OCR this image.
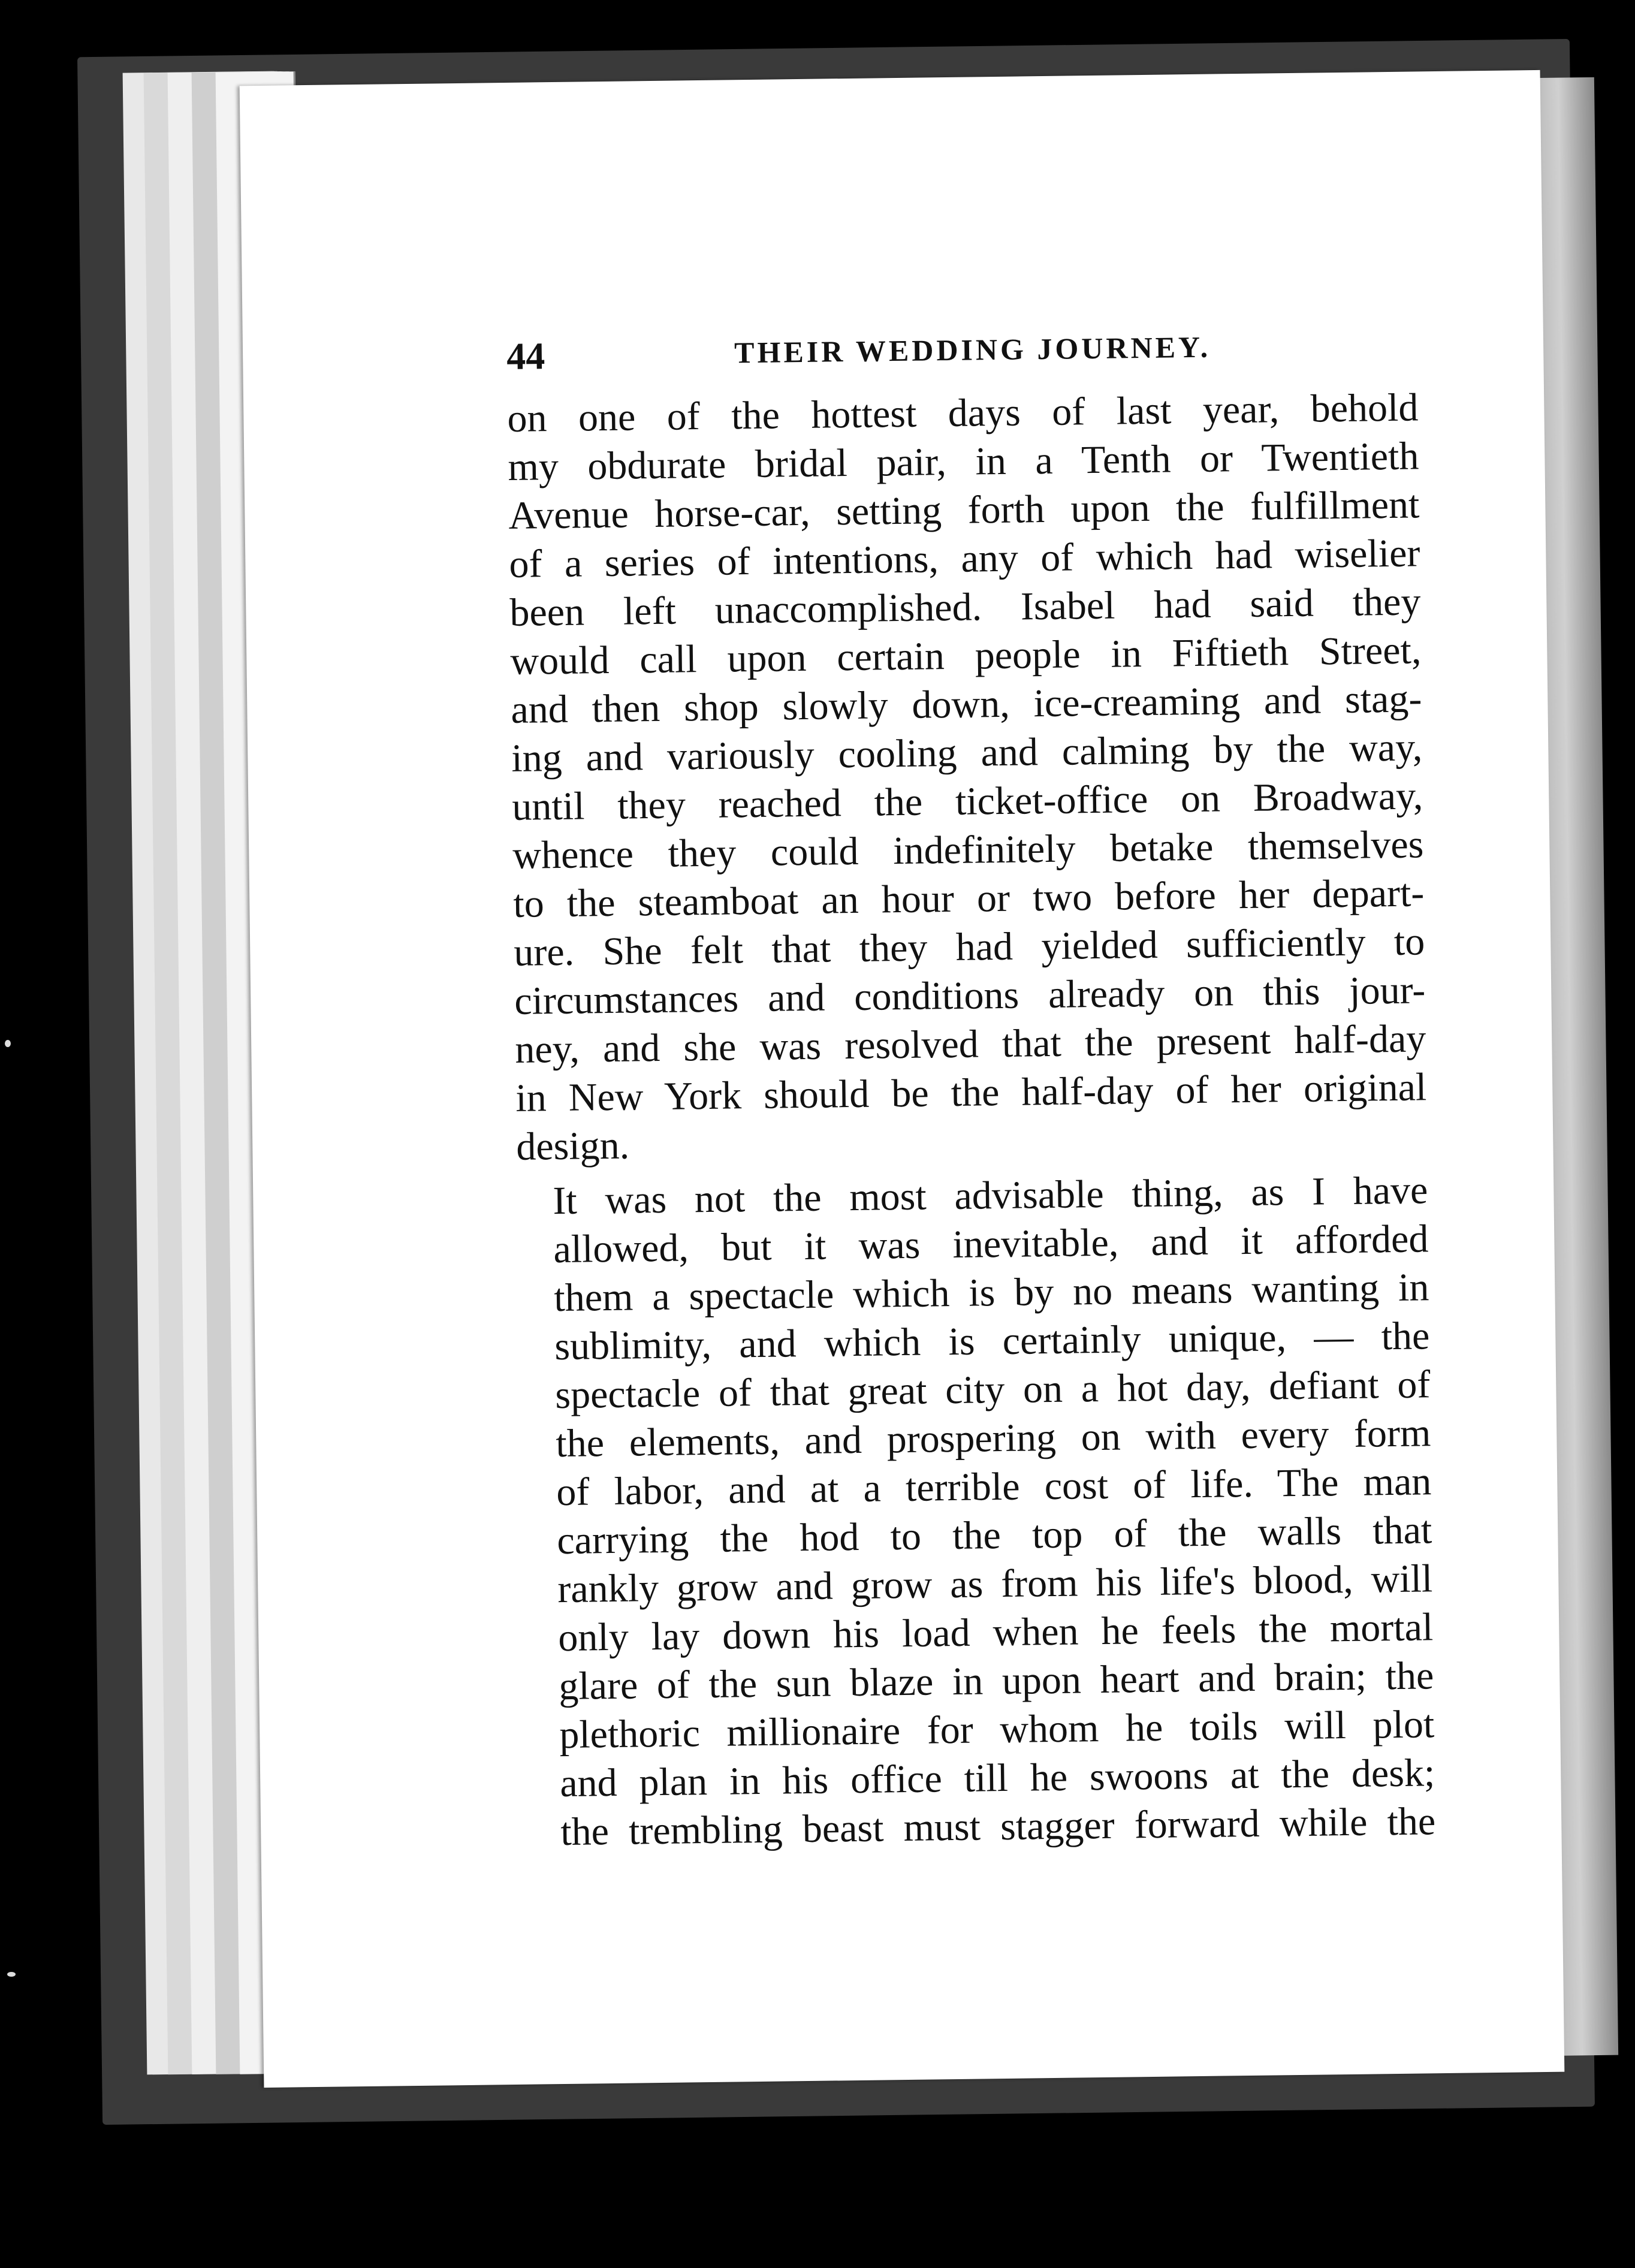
44	THEIR WEDDING JOURNEY.

on one of the hottest days of last year, behold
my obdurate bridal pair, in a Tenth or Twentieth
Avenue horse-car, setting forth upon the fulfillment
of a series of intentions, any of which had wiselier
been left unaccomplished. Isabel had said they
would call upon certain people in Fiftieth Street,
and then shop slowly down, ice-creaming and stag-
ing and variously cooling and calming by the way,
until they reached the ticket-office on Broadway,
whence they could indefinitely betake themselves
to the steamboat an hour or two before her depart-
ure. She felt that they had yielded sufficiently to
circumstances and conditions already on this jour-
ney, and she was resolved that the present half-day
in New York should be the half-day of her original
design.

It was not the most advisable thing, as I have
allowed, but it was inevitable, and it afforded
them a spectacle which is by no means wanting in
sublimity, and which is certainly unique, — the
spectacle of that great city on a hot day, defiant of
the elements, and prospering on with every form
of labor, and at a terrible cost of life. The man
carrying the hod to the top of the walls that
rankly grow and grow as from his life's blood, will
only lay down his load when he feels the mortal
glare of the sun blaze in upon heart and brain; the
plethoric millionaire for whom he toils will plot
and plan in his office till he swoons at the desk;
the trembling beast must stagger forward while the
